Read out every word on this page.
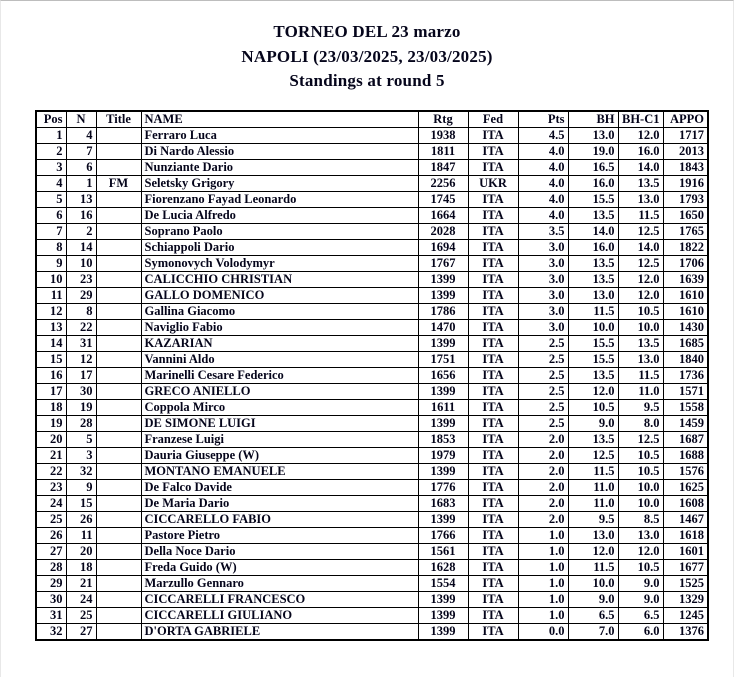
TORNEO DEL 23 marzo
NAPOLI (23/03/2025, 23/03/2025)
Standings at round 5
Pos	N	Title	NAME	Rtg	Fed	Pts	BH	BH-C1	APPO
1	4		Ferraro Luca	1938	ITA	4.5	13.0	12.0	1717
2	7		Di Nardo Alessio	1811	ITA	4.0	19.0	16.0	2013
3	6		Nunziante Dario	1847	ITA	4.0	16.5	14.0	1843
4	1	FM	Seletsky Grigory	2256	UKR	4.0	16.0	13.5	1916
5	13		Fiorenzano Fayad Leonardo	1745	ITA	4.0	15.5	13.0	1793
6	16		De Lucia Alfredo	1664	ITA	4.0	13.5	11.5	1650
7	2		Soprano Paolo	2028	ITA	3.5	14.0	12.5	1765
8	14		Schiappoli Dario	1694	ITA	3.0	16.0	14.0	1822
9	10		Symonovych Volodymyr	1767	ITA	3.0	13.5	12.5	1706
10	23		CALICCHIO CHRISTIAN	1399	ITA	3.0	13.5	12.0	1639
11	29		GALLO DOMENICO	1399	ITA	3.0	13.0	12.0	1610
12	8		Gallina Giacomo	1786	ITA	3.0	11.5	10.5	1610
13	22		Naviglio Fabio	1470	ITA	3.0	10.0	10.0	1430
14	31		KAZARIAN	1399	ITA	2.5	15.5	13.5	1685
15	12		Vannini Aldo	1751	ITA	2.5	15.5	13.0	1840
16	17		Marinelli Cesare Federico	1656	ITA	2.5	13.5	11.5	1736
17	30		GRECO ANIELLO	1399	ITA	2.5	12.0	11.0	1571
18	19		Coppola Mirco	1611	ITA	2.5	10.5	9.5	1558
19	28		DE SIMONE LUIGI	1399	ITA	2.5	9.0	8.0	1459
20	5		Franzese Luigi	1853	ITA	2.0	13.5	12.5	1687
21	3		Dauria Giuseppe (W)	1979	ITA	2.0	12.5	10.5	1688
22	32		MONTANO EMANUELE	1399	ITA	2.0	11.5	10.5	1576
23	9		De Falco Davide	1776	ITA	2.0	11.0	10.0	1625
24	15		De Maria Dario	1683	ITA	2.0	11.0	10.0	1608
25	26		CICCARELLO FABIO	1399	ITA	2.0	9.5	8.5	1467
26	11		Pastore Pietro	1766	ITA	1.0	13.0	13.0	1618
27	20		Della Noce Dario	1561	ITA	1.0	12.0	12.0	1601
28	18		Freda Guido (W)	1628	ITA	1.0	11.5	10.5	1677
29	21		Marzullo Gennaro	1554	ITA	1.0	10.0	9.0	1525
30	24		CICCARELLI FRANCESCO	1399	ITA	1.0	9.0	9.0	1329
31	25		CICCARELLI GIULIANO	1399	ITA	1.0	6.5	6.5	1245
32	27		D'ORTA GABRIELE	1399	ITA	0.0	7.0	6.0	1376
